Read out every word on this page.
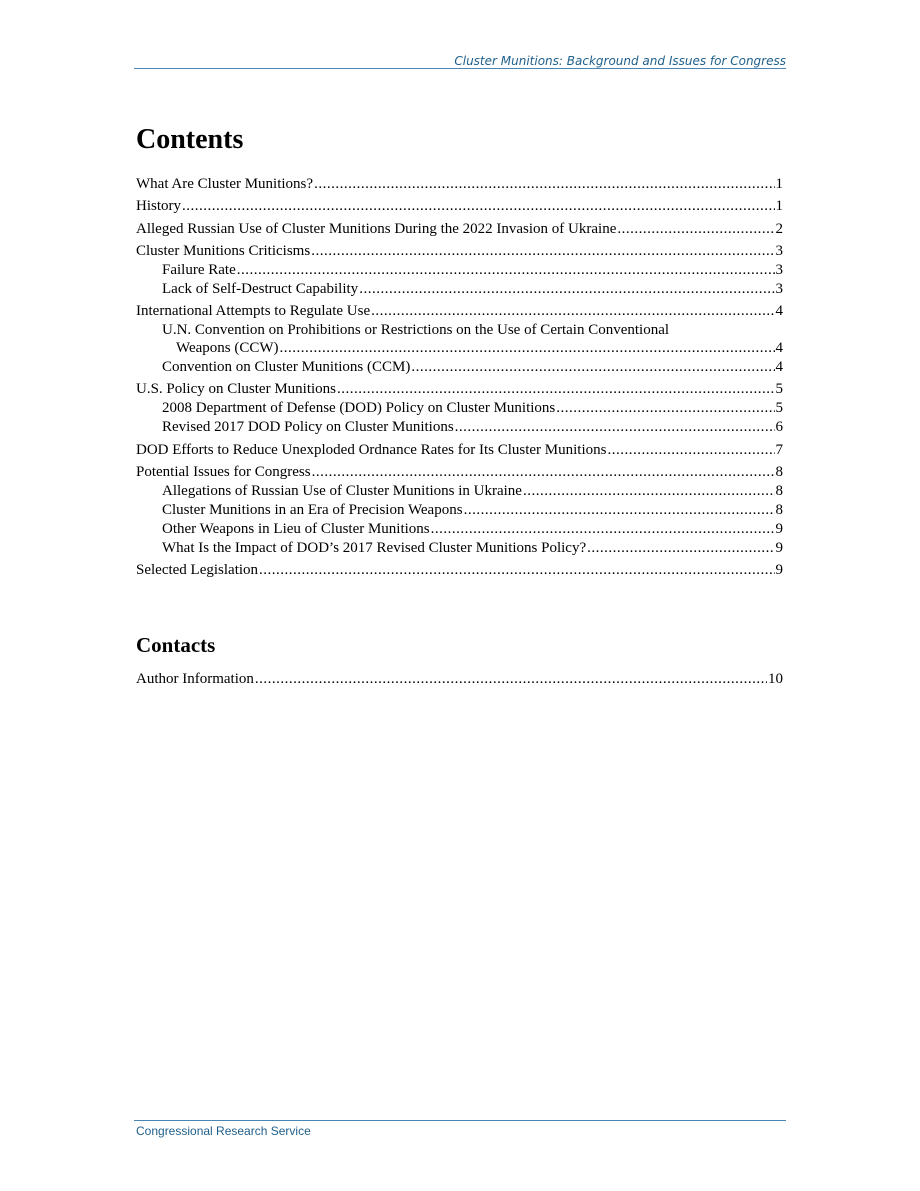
Cluster Munitions: Background and Issues for Congress
Contents
What Are Cluster Munitions? .....	1
History .....	1
Alleged Russian Use of Cluster Munitions During the 2022 Invasion of Ukraine .....	2
Cluster Munitions Criticisms .....	3
Failure Rate .....	3
Lack of Self-Destruct Capability .....	3
International Attempts to Regulate Use .....	4
U.N. Convention on Prohibitions or Restrictions on the Use of Certain Conventional
Weapons (CCW) .....	4
Convention on Cluster Munitions (CCM) .....	4
U.S. Policy on Cluster Munitions .....	5
2008 Department of Defense (DOD) Policy on Cluster Munitions .....	5
Revised 2017 DOD Policy on Cluster Munitions .....	6
DOD Efforts to Reduce Unexploded Ordnance Rates for Its Cluster Munitions .....	7
Potential Issues for Congress .....	8
Allegations of Russian Use of Cluster Munitions in Ukraine .....	8
Cluster Munitions in an Era of Precision Weapons .....	8
Other Weapons in Lieu of Cluster Munitions .....	9
What Is the Impact of DOD’s 2017 Revised Cluster Munitions Policy? .....	9
Selected Legislation .....	9
Contacts
Author Information .....	10
Congressional Research Service
